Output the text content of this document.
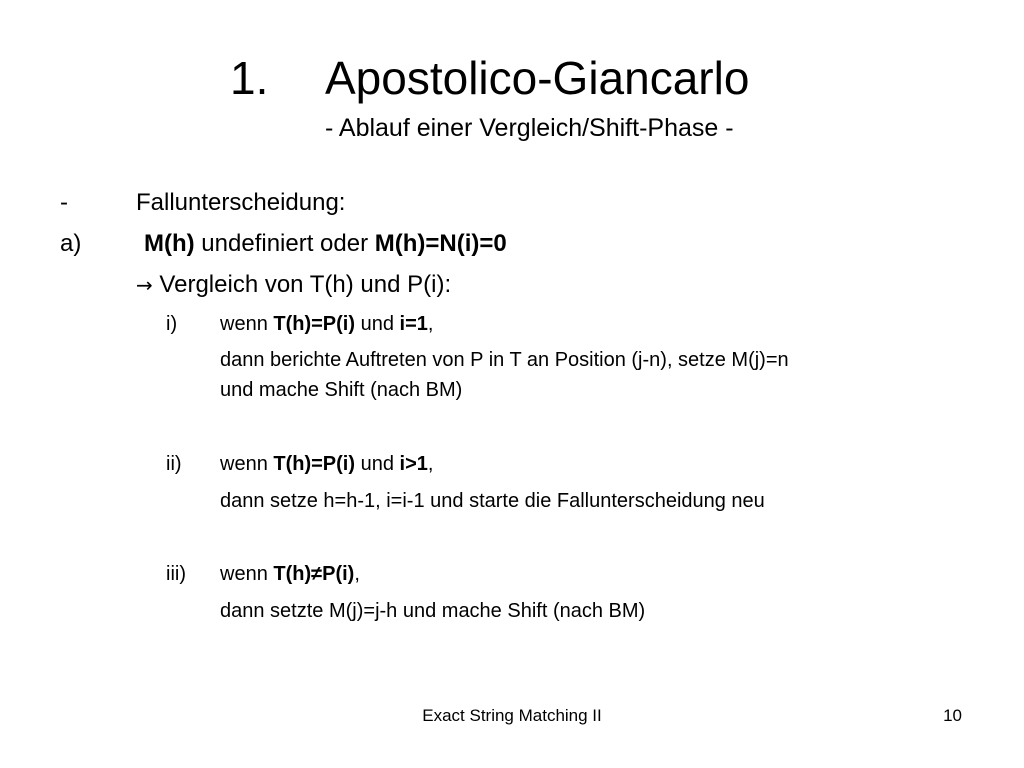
1. Apostolico-Giancarlo
- Ablauf einer Vergleich/Shift-Phase -
-	Fallunterscheidung:
a)	M(h) undefiniert oder M(h)=N(i)=0
→ Vergleich von T(h) und P(i):
i) wenn T(h)=P(i) und i=1,
dann berichte Auftreten von P in T an Position (j-n), setze M(j)=n
und mache Shift (nach BM)
ii) wenn T(h)=P(i) und i>1,
dann setze h=h-1, i=i-1 und starte die Fallunterscheidung neu
iii) wenn T(h)≠P(i),
dann setzte M(j)=j-h und mache Shift (nach BM)
Exact String Matching II	10
